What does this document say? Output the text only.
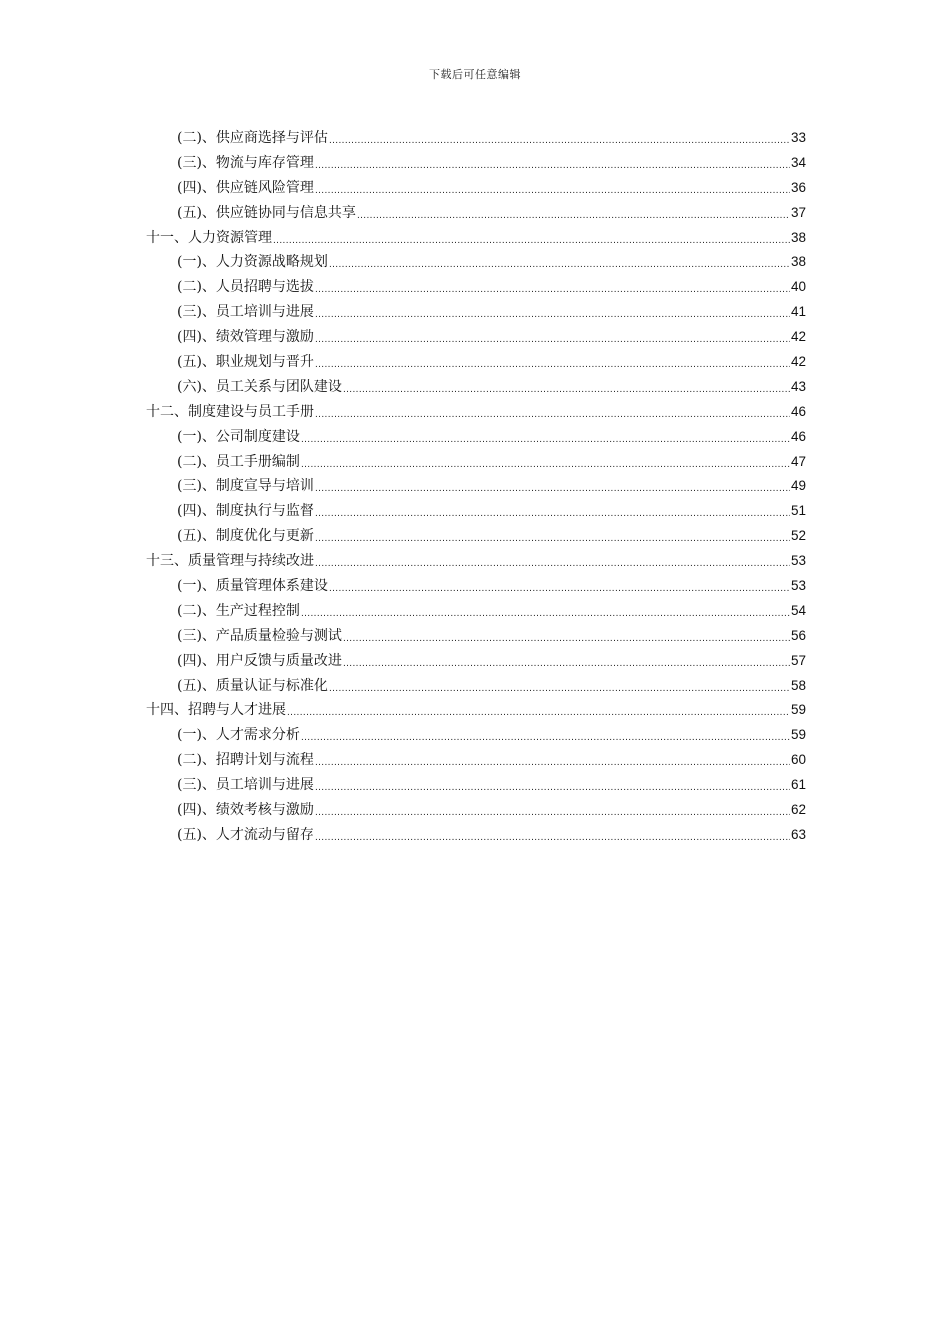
下载后可任意编辑
(二)、供应商选择与评估 .....	33
(三)、物流与库存管理 .....	34
(四)、供应链风险管理 .....	36
(五)、供应链协同与信息共享 .....	37
十一、人力资源管理 .....	38
(一)、人力资源战略规划 .....	38
(二)、人员招聘与选拔 .....	40
(三)、员工培训与进展 .....	41
(四)、绩效管理与激励 .....	42
(五)、职业规划与晋升 .....	42
(六)、员工关系与团队建设 .....	43
十二、制度建设与员工手册 .....	46
(一)、公司制度建设 .....	46
(二)、员工手册编制 .....	47
(三)、制度宣导与培训 .....	49
(四)、制度执行与监督 .....	51
(五)、制度优化与更新 .....	52
十三、质量管理与持续改进 .....	53
(一)、质量管理体系建设 .....	53
(二)、生产过程控制 .....	54
(三)、产品质量检验与测试 .....	56
(四)、用户反馈与质量改进 .....	57
(五)、质量认证与标准化 .....	58
十四、招聘与人才进展 .....	59
(一)、人才需求分析 .....	59
(二)、招聘计划与流程 .....	60
(三)、员工培训与进展 .....	61
(四)、绩效考核与激励 .....	62
(五)、人才流动与留存 .....	63
